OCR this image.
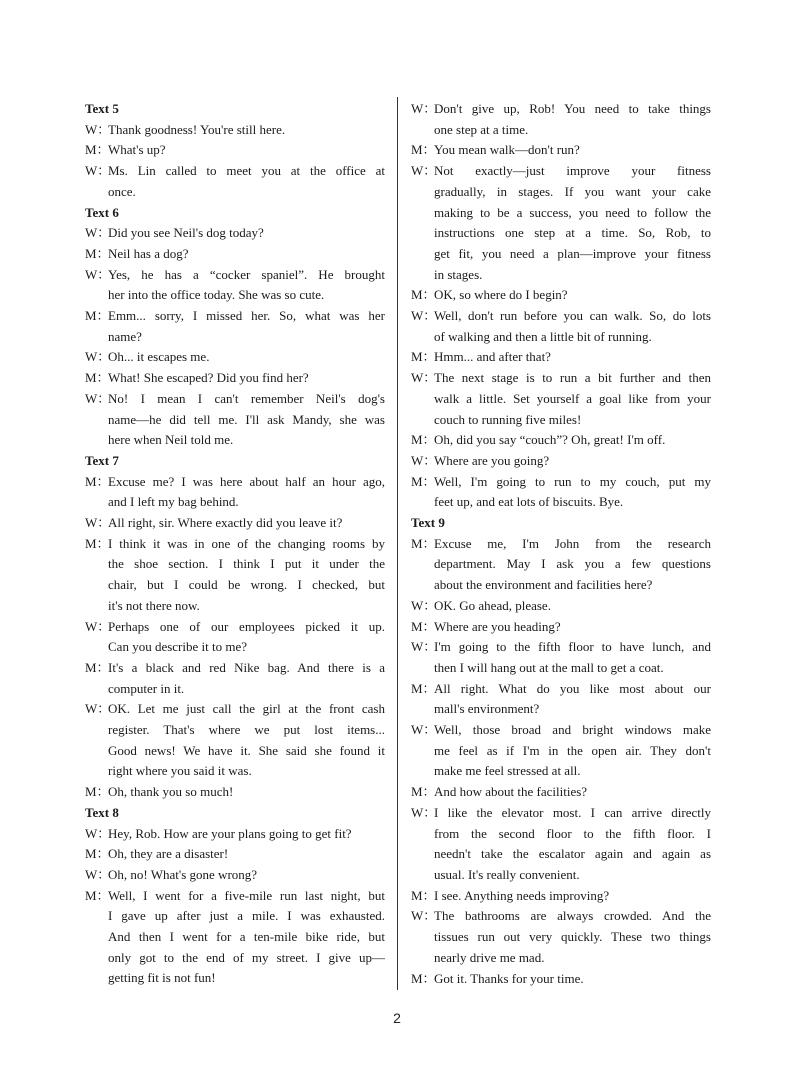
Text 5
W：
Thank goodness! You're still here.
M：
What's up?
W：
Ms. Lin called to meet you at the office at
once.
Text 6
W：
Did you see Neil's dog today?
M：
Neil has a dog?
W：
Yes, he has a “cocker spaniel”. He brought
her into the office today. She was so cute.
M：
Emm... sorry, I missed her. So, what was her
name?
W：
Oh... it escapes me.
M：
What! She escaped? Did you find her?
W：
No! I mean I can't remember Neil's dog's
name—he did tell me. I'll ask Mandy, she was
here when Neil told me.
Text 7
M：
Excuse me? I was here about half an hour ago,
and I left my bag behind.
W：
All right, sir. Where exactly did you leave it?
M：
I think it was in one of the changing rooms by
the shoe section. I think I put it under the
chair, but I could be wrong. I checked, but
it's not there now.
W：
Perhaps one of our employees picked it up.
Can you describe it to me?
M：
It's a black and red Nike bag. And there is a
computer in it.
W：
OK. Let me just call the girl at the front cash
register. That's where we put lost items...
Good news! We have it. She said she found it
right where you said it was.
M：
Oh, thank you so much!
Text 8
W：
Hey, Rob. How are your plans going to get fit?
M：
Oh, they are a disaster!
W：
Oh, no! What's gone wrong?
M：
Well, I went for a five-mile run last night, but
I gave up after just a mile. I was exhausted.
And then I went for a ten-mile bike ride, but
only got to the end of my street. I give up—
getting fit is not fun!
W：
Don't give up, Rob! You need to take things
one step at a time.
M：
You mean walk—don't run?
W：
Not exactly—just improve your fitness
gradually, in stages. If you want your cake
making to be a success, you need to follow the
instructions one step at a time. So, Rob, to
get fit, you need a plan—improve your fitness
in stages.
M：
OK, so where do I begin?
W：
Well, don't run before you can walk. So, do lots
of walking and then a little bit of running.
M：
Hmm... and after that?
W：
The next stage is to run a bit further and then
walk a little. Set yourself a goal like from your
couch to running five miles!
M：
Oh, did you say “couch”? Oh, great! I'm off.
W：
Where are you going?
M：
Well, I'm going to run to my couch, put my
feet up, and eat lots of biscuits. Bye.
Text 9
M：
Excuse me, I'm John from the research
department. May I ask you a few questions
about the environment and facilities here?
W：
OK. Go ahead, please.
M：
Where are you heading?
W：
I'm going to the fifth floor to have lunch, and
then I will hang out at the mall to get a coat.
M：
All right. What do you like most about our
mall's environment?
W：
Well, those broad and bright windows make
me feel as if I'm in the open air. They don't
make me feel stressed at all.
M：
And how about the facilities?
W：
I like the elevator most. I can arrive directly
from the second floor to the fifth floor. I
needn't take the escalator again and again as
usual. It's really convenient.
M：
I see. Anything needs improving?
W：
The bathrooms are always crowded. And the
tissues run out very quickly. These two things
nearly drive me mad.
M：
Got it. Thanks for your time.
2
